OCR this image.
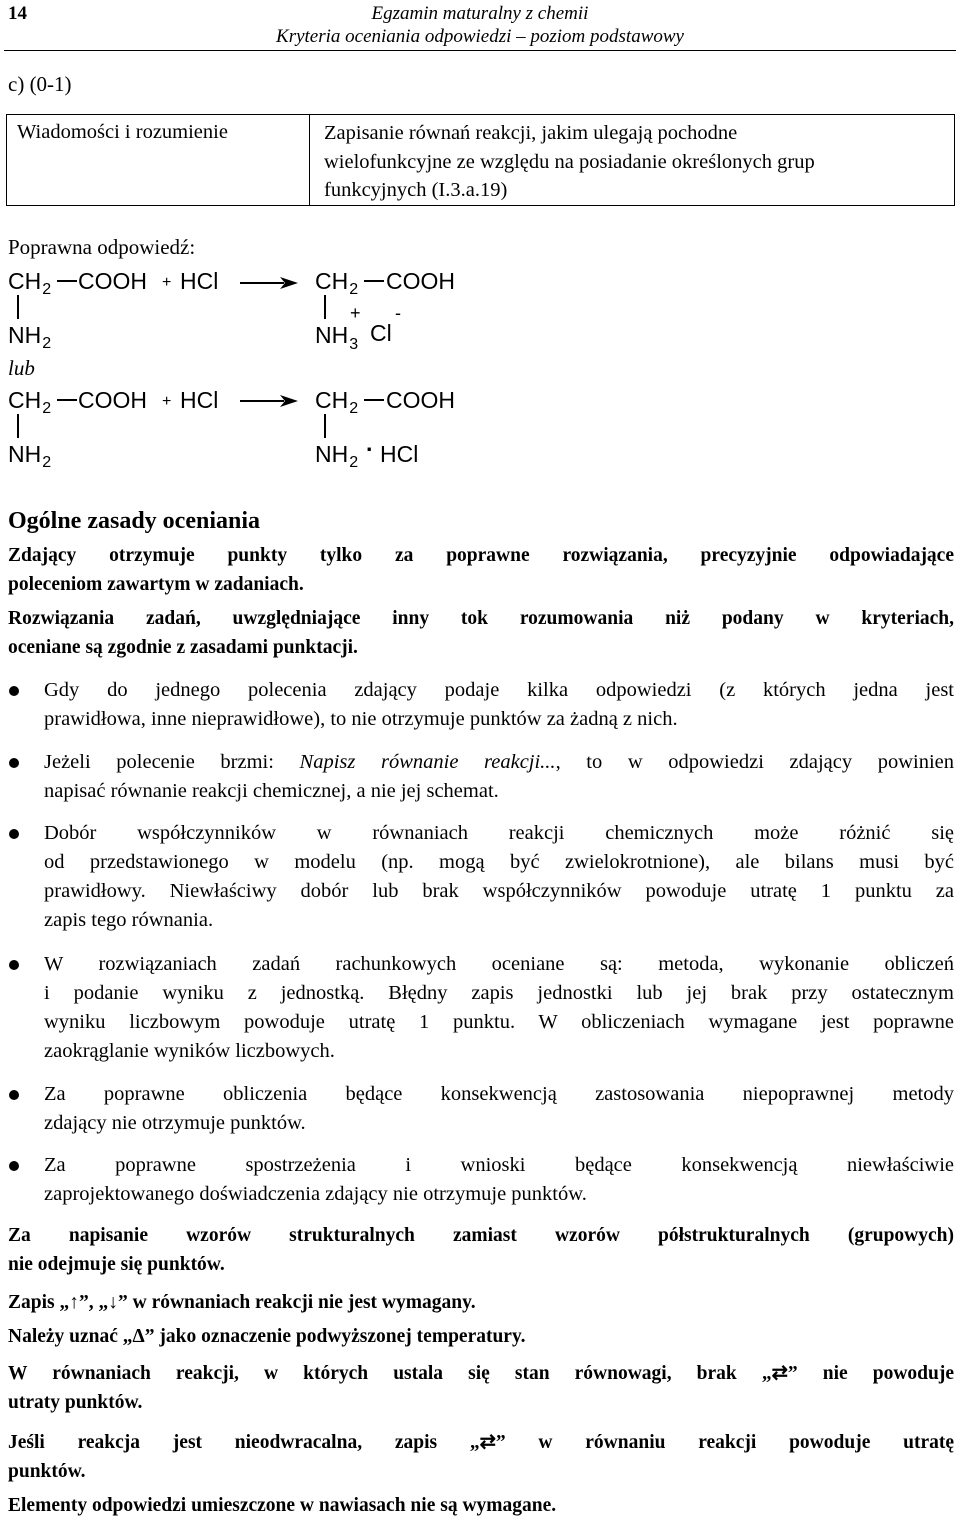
14	Egzamin maturalny z chemii
Kryteria oceniania odpowiedzi – poziom podstawowy
c) (0-1)
Wiadomości i rozumienie	Zapisanie równań reakcji, jakim ulegają pochodne
wielofunkcyjne ze względu na posiadanie określonych grup
funkcyjnych (I.3.a.19)
Poprawna odpowiedź:
$CH_2$ COOH + HCl
$NH_2$
$CH_2$ COOH
$NH_3$
+
Cl
-
lub
$CH_2$ COOH + HCl
$NH_2$
$CH_2$ COOH
$NH_2$
· HCl
Ogólne zasady oceniania
Zdający otrzymuje punkty tylko za poprawne rozwiązania, precyzyjnie odpowiadające
poleceniom zawartym w zadaniach.
Rozwiązania zadań, uwzględniające inny tok rozumowania niż podany w kryteriach,
oceniane są zgodnie z zasadami punktacji.
Gdy do jednego polecenia zdający podaje kilka odpowiedzi (z których jedna jest
prawidłowa, inne nieprawidłowe), to nie otrzymuje punktów za żadną z nich.
Jeżeli polecenie brzmi: Napisz równanie reakcji..., to w odpowiedzi zdający powinien
napisać równanie reakcji chemicznej, a nie jej schemat.
Dobór współczynników w równaniach reakcji chemicznych może różnić się
od przedstawionego w modelu (np. mogą być zwielokrotnione), ale bilans musi być
prawidłowy. Niewłaściwy dobór lub brak współczynników powoduje utratę 1 punktu za
zapis tego równania.
W rozwiązaniach zadań rachunkowych oceniane są: metoda, wykonanie obliczeń
i podanie wyniku z jednostką. Błędny zapis jednostki lub jej brak przy ostatecznym
wyniku liczbowym powoduje utratę 1 punktu. W obliczeniach wymagane jest poprawne
zaokrąglanie wyników liczbowych.
Za poprawne obliczenia będące konsekwencją zastosowania niepoprawnej metody
zdający nie otrzymuje punktów.
Za poprawne spostrzeżenia i wnioski będące konsekwencją niewłaściwie
zaprojektowanego doświadczenia zdający nie otrzymuje punktów.
Za napisanie wzorów strukturalnych zamiast wzorów półstrukturalnych (grupowych)
nie odejmuje się punktów.
Zapis „↑”, „↓” w równaniach reakcji nie jest wymagany.
Należy uznać „Δ” jako oznaczenie podwyższonej temperatury.
W równaniach reakcji, w których ustala się stan równowagi, brak „⇄” nie powoduje
utraty punktów.
Jeśli reakcja jest nieodwracalna, zapis „⇄” w równaniu reakcji powoduje utratę
punktów.
Elementy odpowiedzi umieszczone w nawiasach nie są wymagane.
